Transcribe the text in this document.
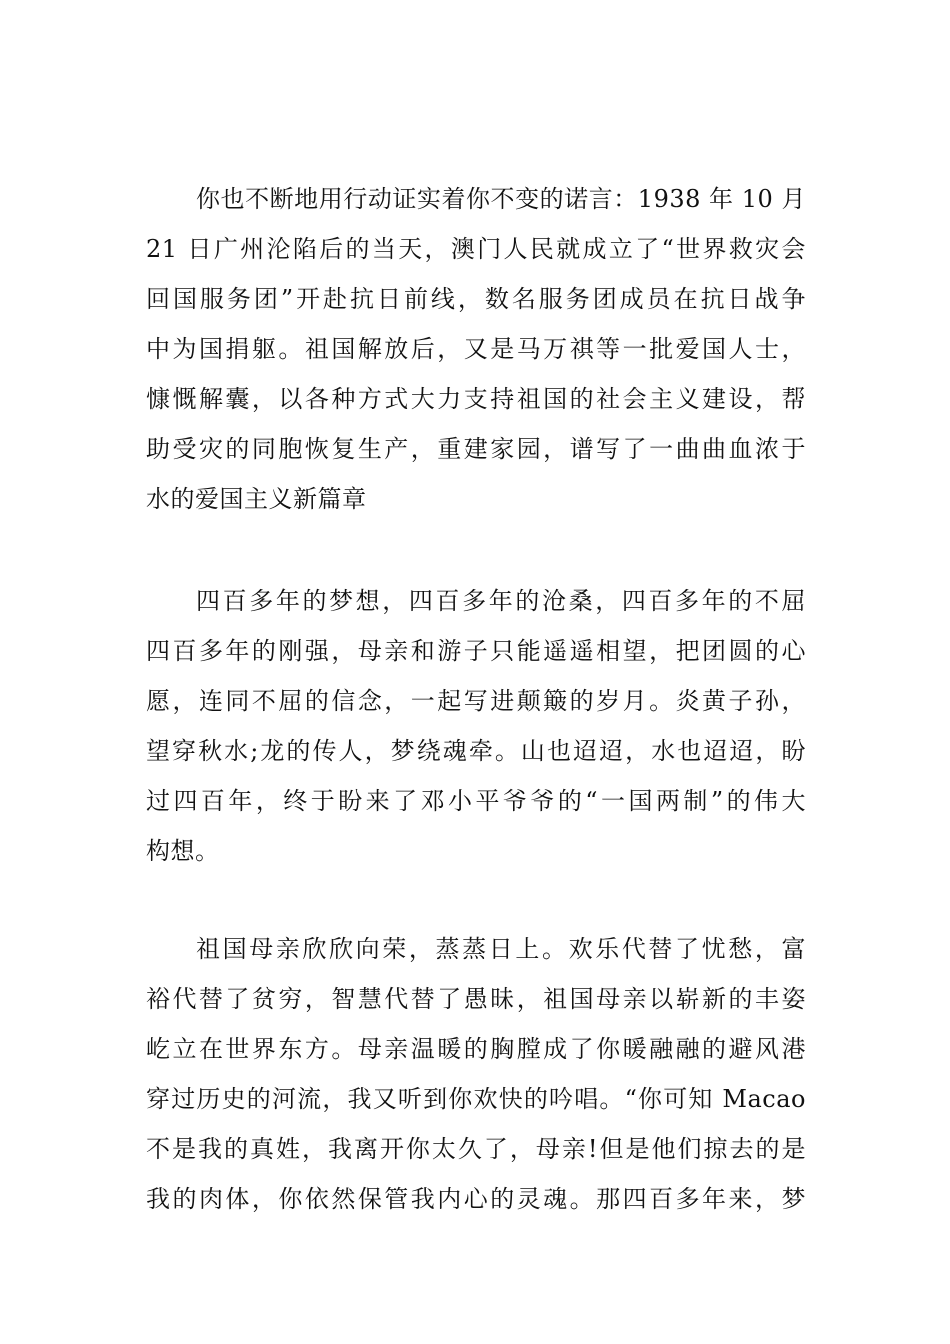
你也不断地用行动证实着你不变的诺言：1938 年 10 月
21 日广州沦陷后的当天，澳门人民就成立了“世界救灾会
回国服务团”开赴抗日前线，数名服务团成员在抗日战争
中为国捐躯。祖国解放后，又是马万祺等一批爱国人士，
慷慨解囊，以各种方式大力支持祖国的社会主义建设，帮
助受灾的同胞恢复生产，重建家园，谱写了一曲曲血浓于
水的爱国主义新篇章
四百多年的梦想，四百多年的沧桑，四百多年的不屈
四百多年的刚强，母亲和游子只能遥遥相望，把团圆的心
愿，连同不屈的信念，一起写进颠簸的岁月。炎黄子孙，
望穿秋水;龙的传人，梦绕魂牵。山也迢迢，水也迢迢，盼
过四百年，终于盼来了邓小平爷爷的“一国两制”的伟大
构想。
祖国母亲欣欣向荣，蒸蒸日上。欢乐代替了忧愁，富
裕代替了贫穷，智慧代替了愚昧，祖国母亲以崭新的丰姿
屹立在世界东方。母亲温暖的胸膛成了你暖融融的避风港
穿过历史的河流，我又听到你欢快的吟唱。“你可知 Macao
不是我的真姓，我离开你太久了，母亲!但是他们掠去的是
我的肉体，你依然保管我内心的灵魂。那四百多年来，梦
